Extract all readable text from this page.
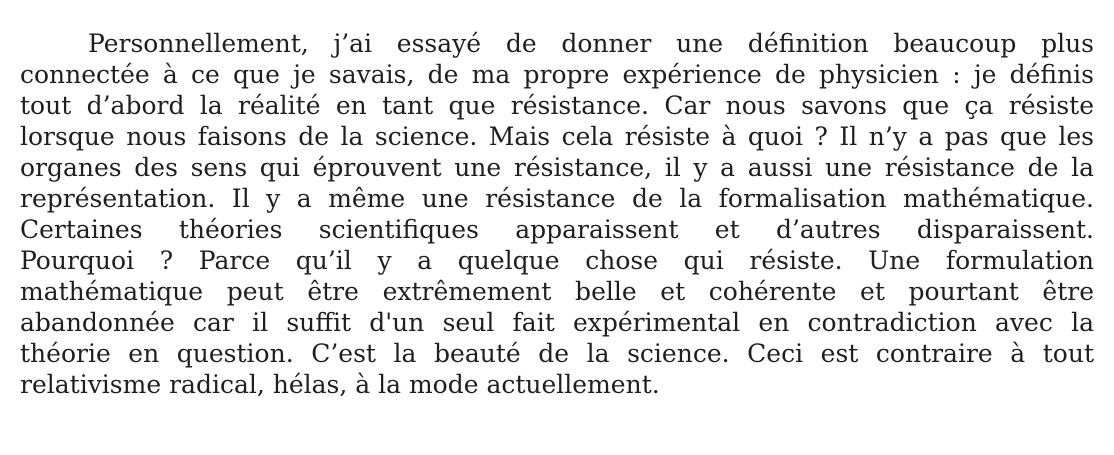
Personnellement, j’ai essayé de donner une définition beaucoup plus
connectée à ce que je savais, de ma propre expérience de physicien : je définis
tout d’abord la réalité en tant que résistance. Car nous savons que ça résiste
lorsque nous faisons de la science. Mais cela résiste à quoi ? Il n’y a pas que les
organes des sens qui éprouvent une résistance, il y a aussi une résistance de la
représentation. Il y a même une résistance de la formalisation mathématique.
Certaines théories scientifiques apparaissent et d’autres disparaissent.
Pourquoi ? Parce qu’il y a quelque chose qui résiste. Une formulation
mathématique peut être extrêmement belle et cohérente et pourtant être
abandonnée car il suffit d'un seul fait expérimental en contradiction avec la
théorie en question. C’est la beauté de la science. Ceci est contraire à tout
relativisme radical, hélas, à la mode actuellement.
